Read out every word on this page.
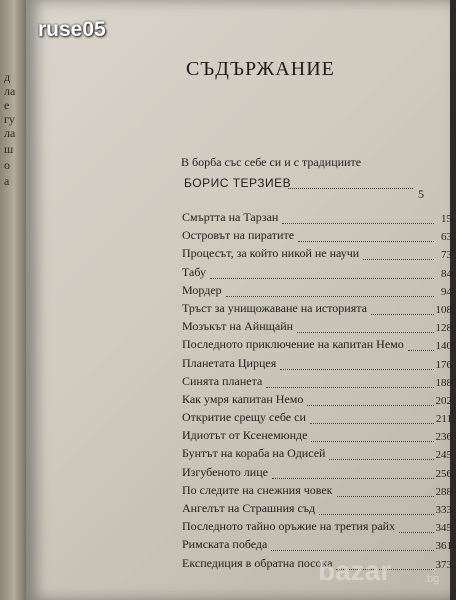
д
ла
е
гу
ла
ш
о
а
ruse05
СЪДЪРЖАНИЕ
В борба със себе си и с традициите
БОРИС ТЕРЗИЕВ
5
Смъртта на Тарзан	15
Островът на пиратите	63
Процесът, за който никой не научи	73
Табу	84
Мордер	94
Тръст за унищожаване на историята	108
Мозъкът на Айнщайн	128
Последното приключение на капитан Немо	140
Планетата Цирцея	176
Синята планета	188
Как умря капитан Немо	202
Откритие срещу себе си	211
Идиотът от Ксенемюнде	236
Бунтът на кораба на Одисей	245
Изгубеното лице	256
По следите на снежния човек	288
Ангелът на Страшния съд	333
Последното тайно оръжие на третия райх	345
Римската победа	361
Експедиция в обратна посока	373
bazar	.bg
